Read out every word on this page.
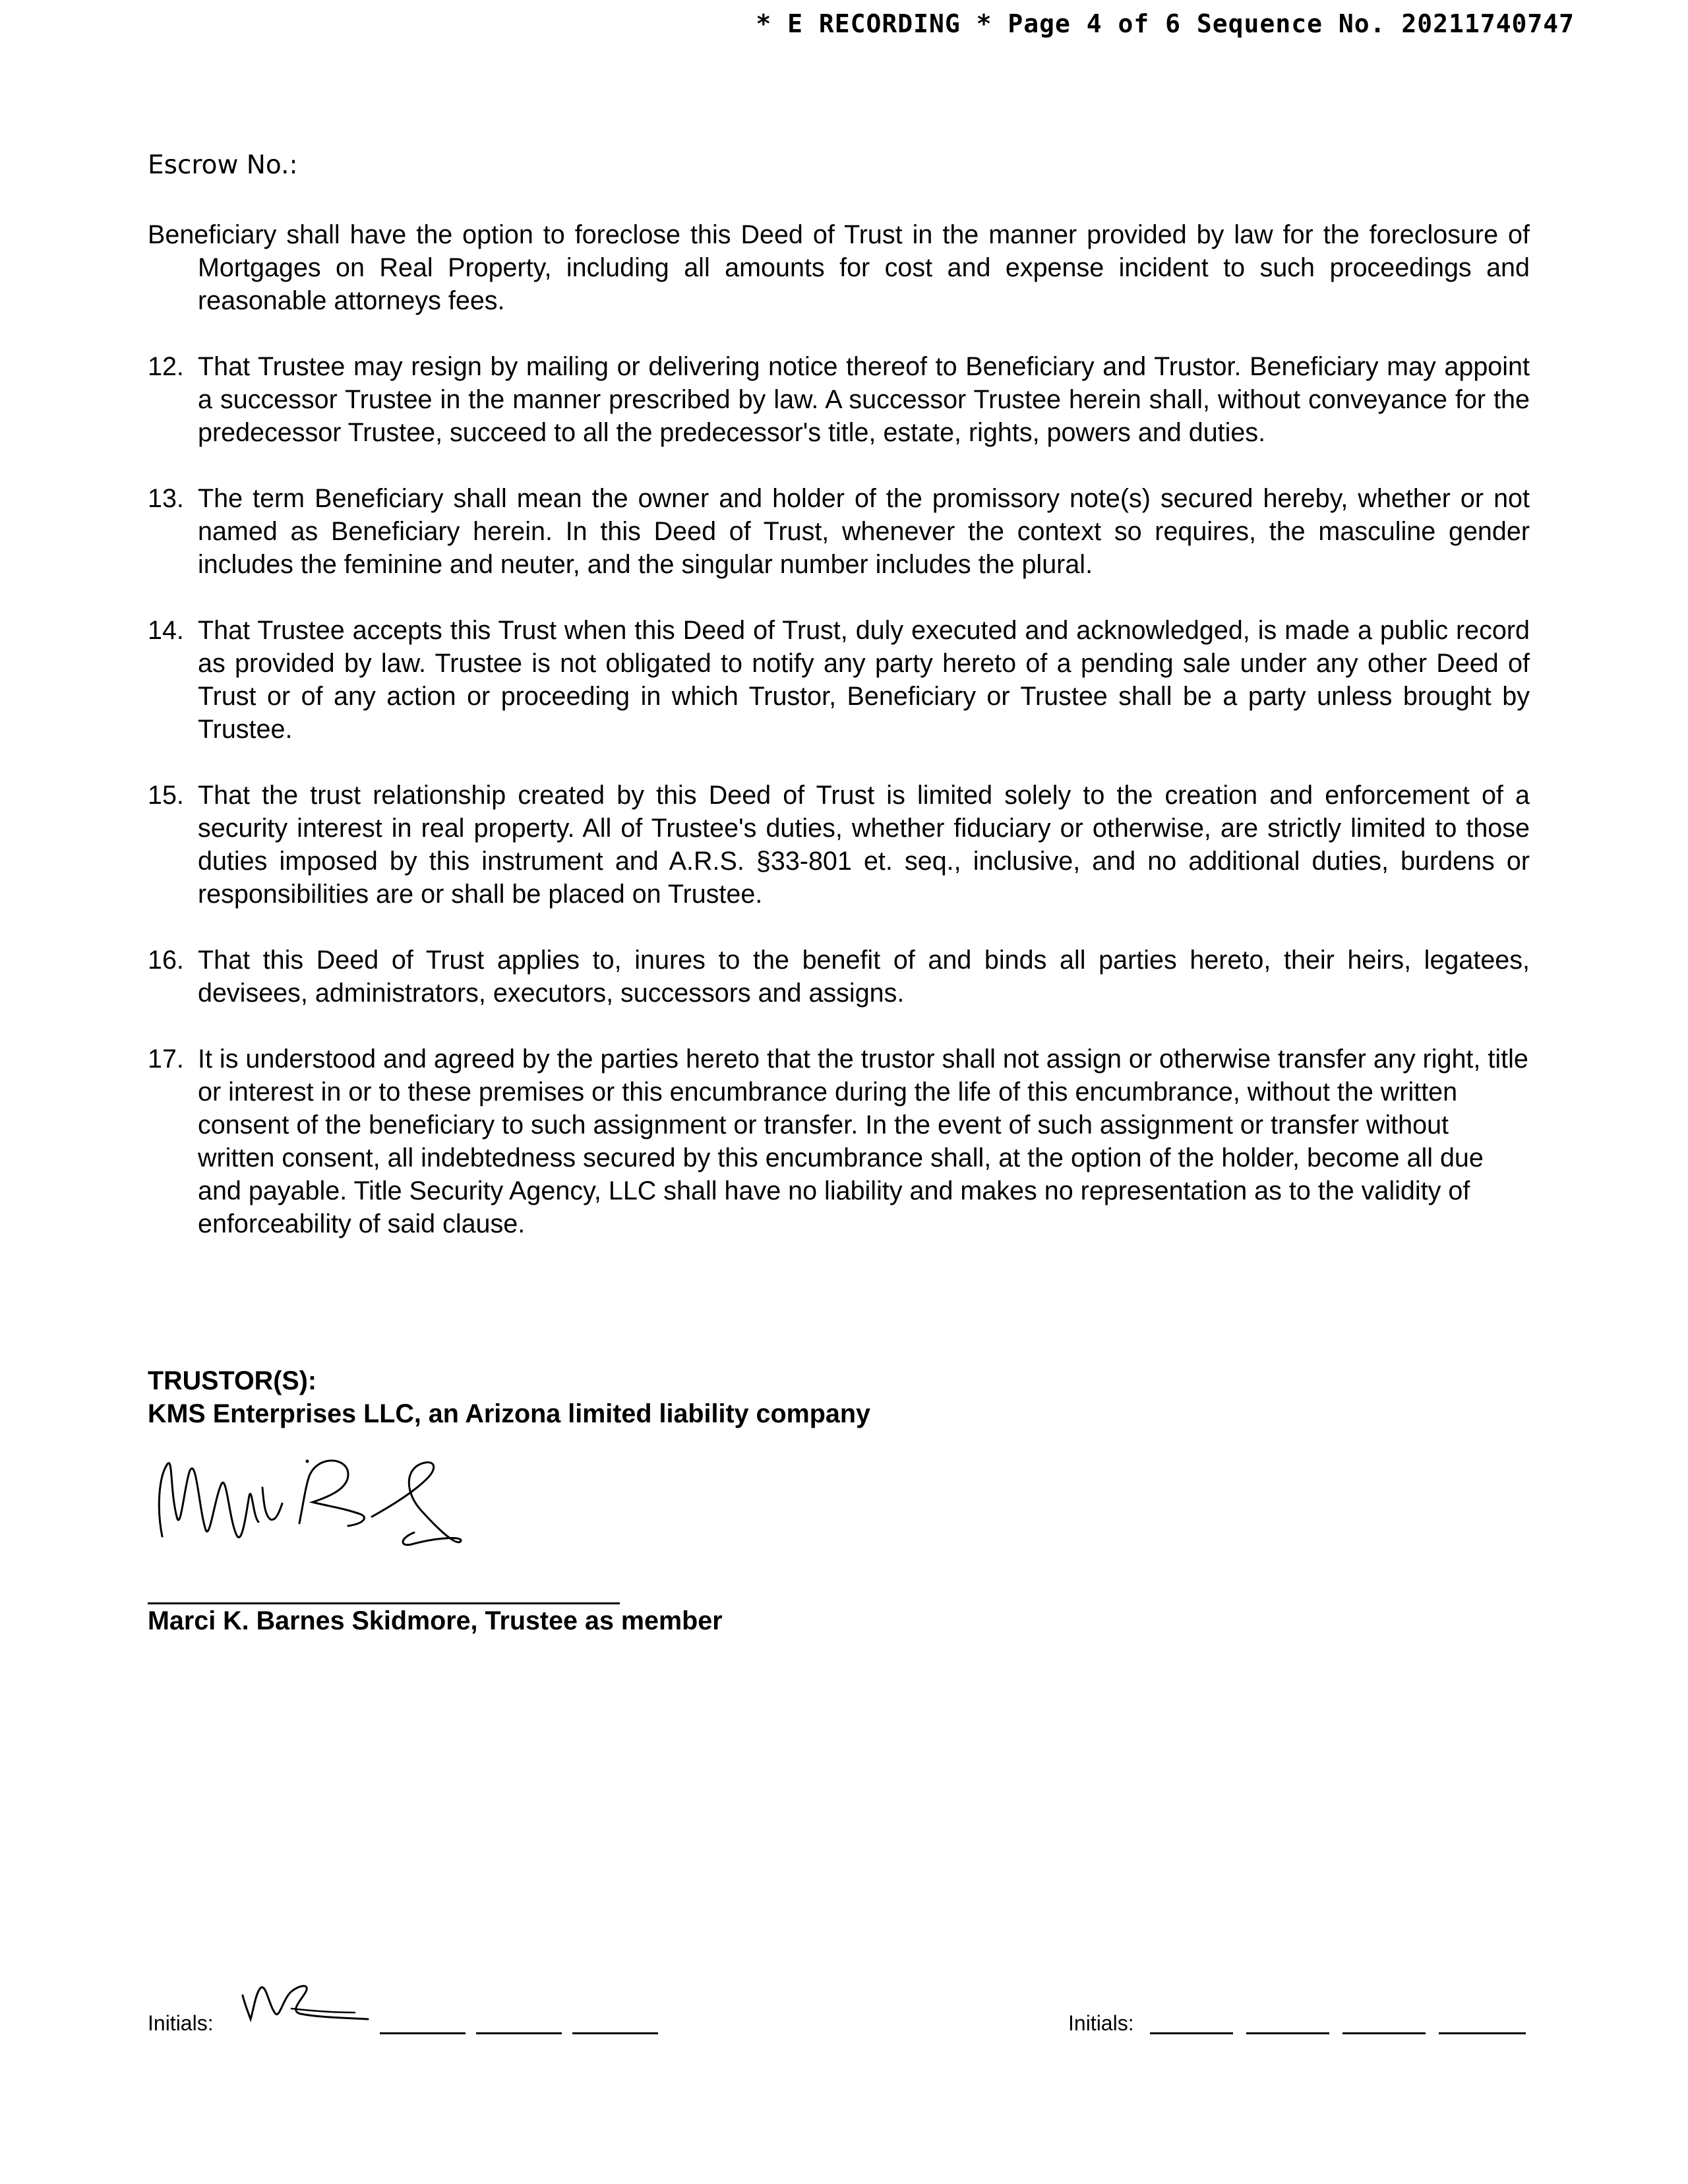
* E RECORDING * Page 4 of 6 Sequence No. 20211740747
Escrow No.:

Beneficiary shall have the option to foreclose this Deed of Trust in the manner provided by law for the foreclosure of Mortgages on Real Property, including all amounts for cost and expense incident to such proceedings and reasonable attorneys fees.

12. That Trustee may resign by mailing or delivering notice thereof to Beneficiary and Trustor. Beneficiary may appoint a successor Trustee in the manner prescribed by law. A successor Trustee herein shall, without conveyance for the predecessor Trustee, succeed to all the predecessor's title, estate, rights, powers and duties.
13. The term Beneficiary shall mean the owner and holder of the promissory note(s) secured hereby, whether or not named as Beneficiary herein. In this Deed of Trust, whenever the context so requires, the masculine gender includes the feminine and neuter, and the singular number includes the plural.
14. That Trustee accepts this Trust when this Deed of Trust, duly executed and acknowledged, is made a public record as provided by law. Trustee is not obligated to notify any party hereto of a pending sale under any other Deed of Trust or of any action or proceeding in which Trustor, Beneficiary or Trustee shall be a party unless brought by Trustee.
15. That the trust relationship created by this Deed of Trust is limited solely to the creation and enforcement of a security interest in real property. All of Trustee's duties, whether fiduciary or otherwise, are strictly limited to those duties imposed by this instrument and A.R.S. §33-801 et. seq., inclusive, and no additional duties, burdens or responsibilities are or shall be placed on Trustee.
16. That this Deed of Trust applies to, inures to the benefit of and binds all parties hereto, their heirs, legatees, devisees, administrators, executors, successors and assigns.
17. It is understood and agreed by the parties hereto that the trustor shall not assign or otherwise transfer any right, title or interest in or to these premises or this encumbrance during the life of this encumbrance, without the written consent of the beneficiary to such assignment or transfer. In the event of such assignment or transfer without written consent, all indebtedness secured by this encumbrance shall, at the option of the holder, become all due and payable. Title Security Agency, LLC shall have no liability and makes no representation as to the validity of enforceability of said clause.
TRUSTOR(S):
KMS Enterprises LLC, an Arizona limited liability company
Marci K. Barnes Skidmore, Trustee as member
Initials:	Initials:
